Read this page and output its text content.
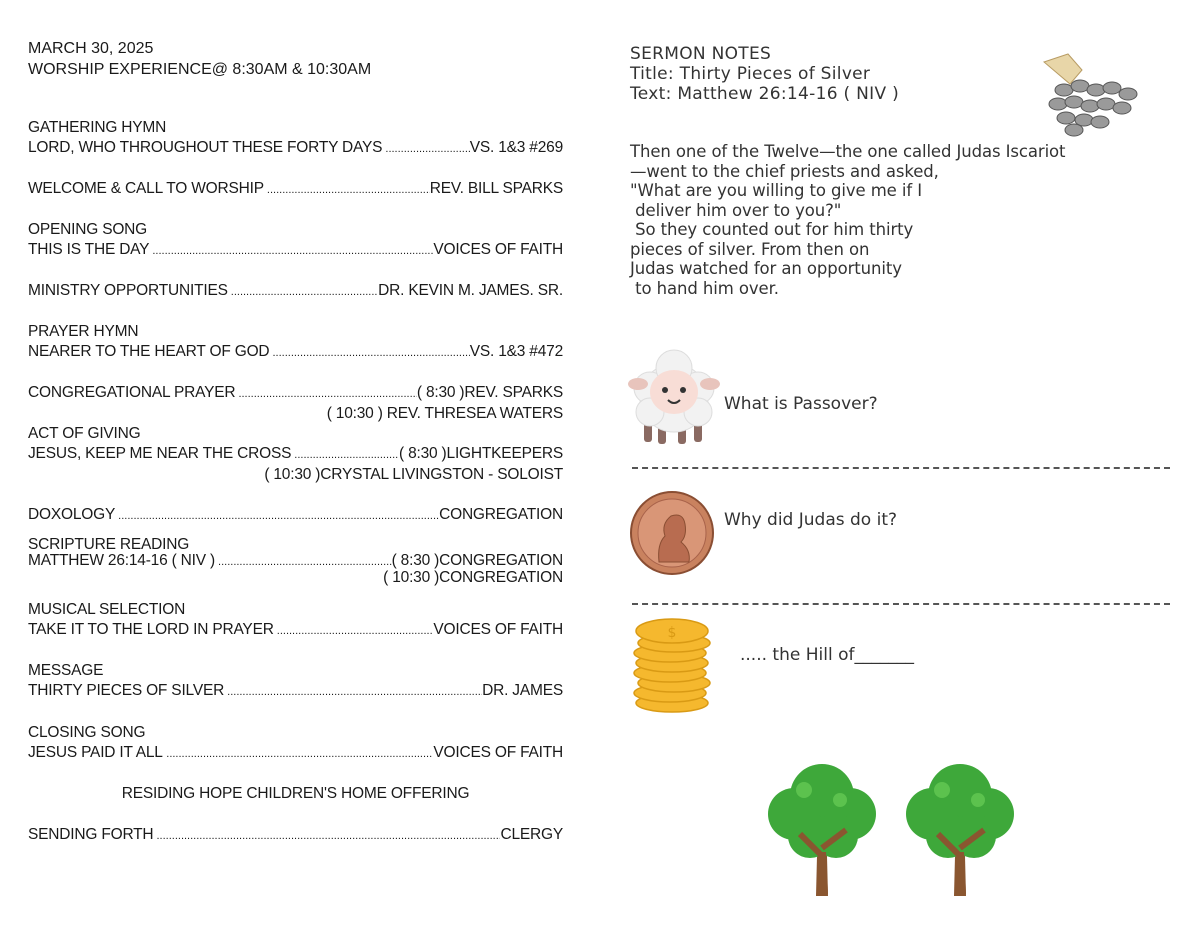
MARCH 30, 2025
WORSHIP EXPERIENCE@ 8:30AM & 10:30AM
GATHERING HYMN
LORD, WHO THROUGHOUT THESE FORTY DAYS .....	VS. 1&3 #269
WELCOME & CALL TO WORSHIP .....	REV. BILL SPARKS
OPENING SONG
THIS IS THE DAY .....	VOICES OF FAITH
MINISTRY OPPORTUNITIES .....	DR. KEVIN M. JAMES. SR.
PRAYER HYMN
NEARER TO THE HEART OF GOD .....	VS. 1&3 #472
CONGREGATIONAL PRAYER .....	( 8:30 )REV. SPARKS
( 10:30 ) REV. THRESEA WATERS
ACT OF GIVING
JESUS, KEEP ME NEAR THE CROSS .....	( 8:30 )LIGHTKEEPERS
( 10:30 )CRYSTAL LIVINGSTON - SOLOIST
DOXOLOGY .....	CONGREGATION
SCRIPTURE READING
MATTHEW 26:14-16 ( NIV ) .....	( 8:30 )CONGREGATION
( 10:30 )CONGREGATION
MUSICAL SELECTION
TAKE IT TO THE LORD IN PRAYER .....	VOICES OF FAITH
MESSAGE
THIRTY PIECES OF SILVER .....	DR. JAMES
CLOSING SONG
JESUS PAID IT ALL .....	VOICES OF FAITH
RESIDING HOPE CHILDREN'S HOME OFFERING
SENDING FORTH .....	CLERGY
SERMON NOTES
Title: Thirty Pieces of Silver
Text: Matthew 26:14-16 ( NIV )
Then one of the Twelve—the one called Judas Iscariot
—went to the chief priests and asked,
"What are you willing to give me if I
deliver him over to you?"
So they counted out for him thirty
pieces of silver. From then on
Judas watched for an opportunity
to hand him over.
What is Passover?
Why did Judas do it?
$
..... the Hill of_______
